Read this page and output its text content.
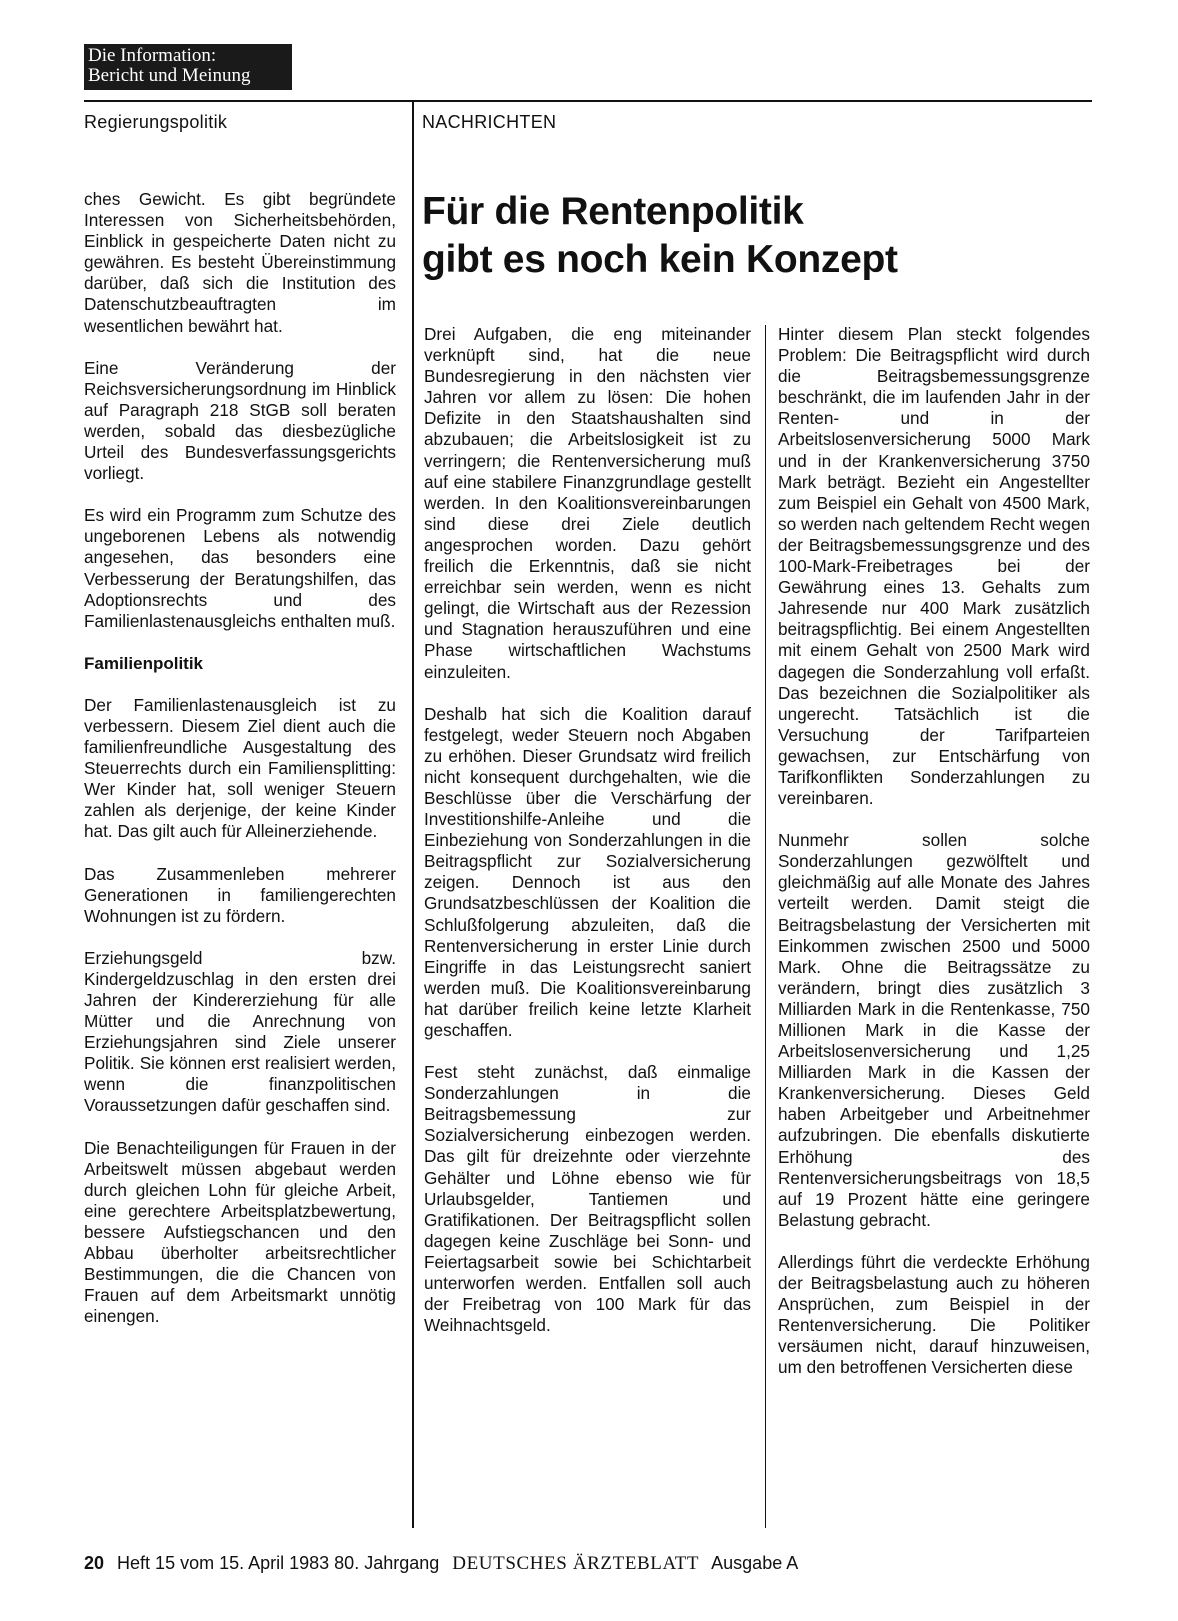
Die Information:
Bericht und Meinung
Regierungspolitik	NACHRICHTEN
Für die Rentenpolitik
gibt es noch kein Konzept

ches Gewicht. Es gibt begründete Interessen von Sicherheitsbehörden, Einblick in gespeicherte Daten nicht zu gewähren. Es besteht Übereinstimmung darüber, daß sich die Institution des Datenschutzbeauftragten im wesentlichen bewährt hat.

Eine Veränderung der Reichsversicherungsordnung im Hinblick auf Paragraph 218 StGB soll beraten werden, sobald das diesbezügliche Urteil des Bundesverfassungsgerichts vorliegt.

Es wird ein Programm zum Schutze des ungeborenen Lebens als notwendig angesehen, das besonders eine Verbesserung der Beratungshilfen, das Adoptionsrechts und des Familienlastenausgleichs enthalten muß.

Familienpolitik

Der Familienlastenausgleich ist zu verbessern. Diesem Ziel dient auch die familienfreundliche Ausgestaltung des Steuerrechts durch ein Familiensplitting: Wer Kinder hat, soll weniger Steuern zahlen als derjenige, der keine Kinder hat. Das gilt auch für Alleinerziehende.

Das Zusammenleben mehrerer Generationen in familiengerechten Wohnungen ist zu fördern.

Erziehungsgeld bzw. Kindergeldzuschlag in den ersten drei Jahren der Kindererziehung für alle Mütter und die Anrechnung von Erziehungsjahren sind Ziele unserer Politik. Sie können erst realisiert werden, wenn die finanzpolitischen Voraussetzungen dafür geschaffen sind.

Die Benachteiligungen für Frauen in der Arbeitswelt müssen abgebaut werden durch gleichen Lohn für gleiche Arbeit, eine gerechtere Arbeitsplatzbewertung, bessere Aufstiegschancen und den Abbau überholter arbeitsrechtlicher Bestimmungen, die die Chancen von Frauen auf dem Arbeitsmarkt unnötig einengen.

Drei Aufgaben, die eng miteinander verknüpft sind, hat die neue Bundesregierung in den nächsten vier Jahren vor allem zu lösen: Die hohen Defizite in den Staatshaushalten sind abzubauen; die Arbeitslosigkeit ist zu verringern; die Rentenversicherung muß auf eine stabilere Finanzgrundlage gestellt werden. In den Koalitionsvereinbarungen sind diese drei Ziele deutlich angesprochen worden. Dazu gehört freilich die Erkenntnis, daß sie nicht erreichbar sein werden, wenn es nicht gelingt, die Wirtschaft aus der Rezession und Stagnation herauszuführen und eine Phase wirtschaftlichen Wachstums einzuleiten.

Deshalb hat sich die Koalition darauf festgelegt, weder Steuern noch Abgaben zu erhöhen. Dieser Grundsatz wird freilich nicht konsequent durchgehalten, wie die Beschlüsse über die Verschärfung der Investitionshilfe-Anleihe und die Einbeziehung von Sonderzahlungen in die Beitragspflicht zur Sozialversicherung zeigen. Dennoch ist aus den Grundsatzbeschlüssen der Koalition die Schlußfolgerung abzuleiten, daß die Rentenversicherung in erster Linie durch Eingriffe in das Leistungsrecht saniert werden muß. Die Koalitionsvereinbarung hat darüber freilich keine letzte Klarheit geschaffen.

Fest steht zunächst, daß einmalige Sonderzahlungen in die Beitragsbemessung zur Sozialversicherung einbezogen werden. Das gilt für dreizehnte oder vierzehnte Gehälter und Löhne ebenso wie für Urlaubsgelder, Tantiemen und Gratifikationen. Der Beitragspflicht sollen dagegen keine Zuschläge bei Sonn- und Feiertagsarbeit sowie bei Schichtarbeit unterworfen werden. Entfallen soll auch der Freibetrag von 100 Mark für das Weihnachtsgeld.

Hinter diesem Plan steckt folgendes Problem: Die Beitragspflicht wird durch die Beitragsbemessungsgrenze beschränkt, die im laufenden Jahr in der Renten- und in der Arbeitslosenversicherung 5000 Mark und in der Krankenversicherung 3750 Mark beträgt. Bezieht ein Angestellter zum Beispiel ein Gehalt von 4500 Mark, so werden nach geltendem Recht wegen der Beitragsbemessungsgrenze und des 100-Mark-Freibetrages bei der Gewährung eines 13. Gehalts zum Jahresende nur 400 Mark zusätzlich beitragspflichtig. Bei einem Angestellten mit einem Gehalt von 2500 Mark wird dagegen die Sonderzahlung voll erfaßt. Das bezeichnen die Sozialpolitiker als ungerecht. Tatsächlich ist die Versuchung der Tarifparteien gewachsen, zur Entschärfung von Tarifkonflikten Sonderzahlungen zu vereinbaren.

Nunmehr sollen solche Sonderzahlungen gezwölftelt und gleichmäßig auf alle Monate des Jahres verteilt werden. Damit steigt die Beitragsbelastung der Versicherten mit Einkommen zwischen 2500 und 5000 Mark. Ohne die Beitragssätze zu verändern, bringt dies zusätzlich 3 Milliarden Mark in die Rentenkasse, 750 Millionen Mark in die Kasse der Arbeitslosenversicherung und 1,25 Milliarden Mark in die Kassen der Krankenversicherung. Dieses Geld haben Arbeitgeber und Arbeitnehmer aufzubringen. Die ebenfalls diskutierte Erhöhung des Rentenversicherungsbeitrags von 18,5 auf 19 Prozent hätte eine geringere Belastung gebracht.

Allerdings führt die verdeckte Erhöhung der Beitragsbelastung auch zu höheren Ansprüchen, zum Beispiel in der Rentenversicherung. Die Politiker versäumen nicht, darauf hinzuweisen, um den betroffenen Versicherten diese

20 Heft 15 vom 15. April 1983 80. Jahrgang DEUTSCHES ÄRZTEBLATT Ausgabe A
